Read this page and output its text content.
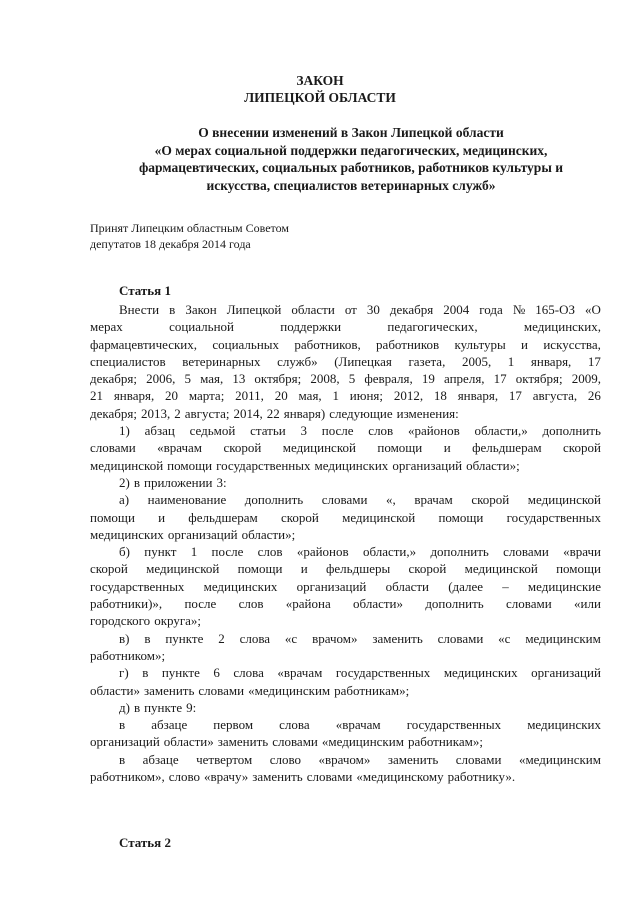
ЗАКОН
ЛИПЕЦКОЙ ОБЛАСТИ
О внесении изменений в Закон Липецкой области
«О мерах социальной поддержки педагогических, медицинских,
фармацевтических, социальных работников, работников культуры и
искусства, специалистов ветеринарных служб»
Принят Липецким областным Советом
депутатов 18 декабря 2014 года
Статья 1
Внести в Закон Липецкой области от 30 декабря 2004 года № 165-ОЗ «О
мерах	социальной	поддержки	педагогических,	медицинских,
фармацевтических, социальных работников, работников культуры и искусства,
специалистов ветеринарных служб» (Липецкая газета, 2005, 1 января, 17
декабря; 2006, 5 мая, 13 октября; 2008, 5 февраля, 19 апреля, 17 октября; 2009,
21 января, 20 марта; 2011, 20 мая, 1 июня; 2012, 18 января, 17 августа, 26
декабря; 2013, 2 августа; 2014, 22 января) следующие изменения:
1) абзац седьмой статьи 3 после слов «районов области,» дополнить
словами «врачам скорой медицинской помощи и фельдшерам скорой
медицинской помощи государственных медицинских организаций области»;
2) в приложении 3:
а) наименование дополнить словами «, врачам скорой медицинской
помощи и фельдшерам скорой медицинской помощи государственных
медицинских организаций области»;
б) пункт 1 после слов «районов области,» дополнить словами «врачи
скорой медицинской помощи и фельдшеры скорой медицинской помощи
государственных медицинских организаций области (далее – медицинские
работники)», после слов «района области» дополнить словами «или
городского округа»;
в) в пункте 2 слова «с врачом» заменить словами «с медицинским
работником»;
г) в пункте 6 слова «врачам государственных медицинских организаций
области» заменить словами «медицинским работникам»;
д) в пункте 9:
в абзаце первом слова «врачам государственных медицинских
организаций области» заменить словами «медицинским работникам»;
в абзаце четвертом слово «врачом» заменить словами «медицинским
работником», слово «врачу» заменить словами «медицинскому работнику».
Статья 2
